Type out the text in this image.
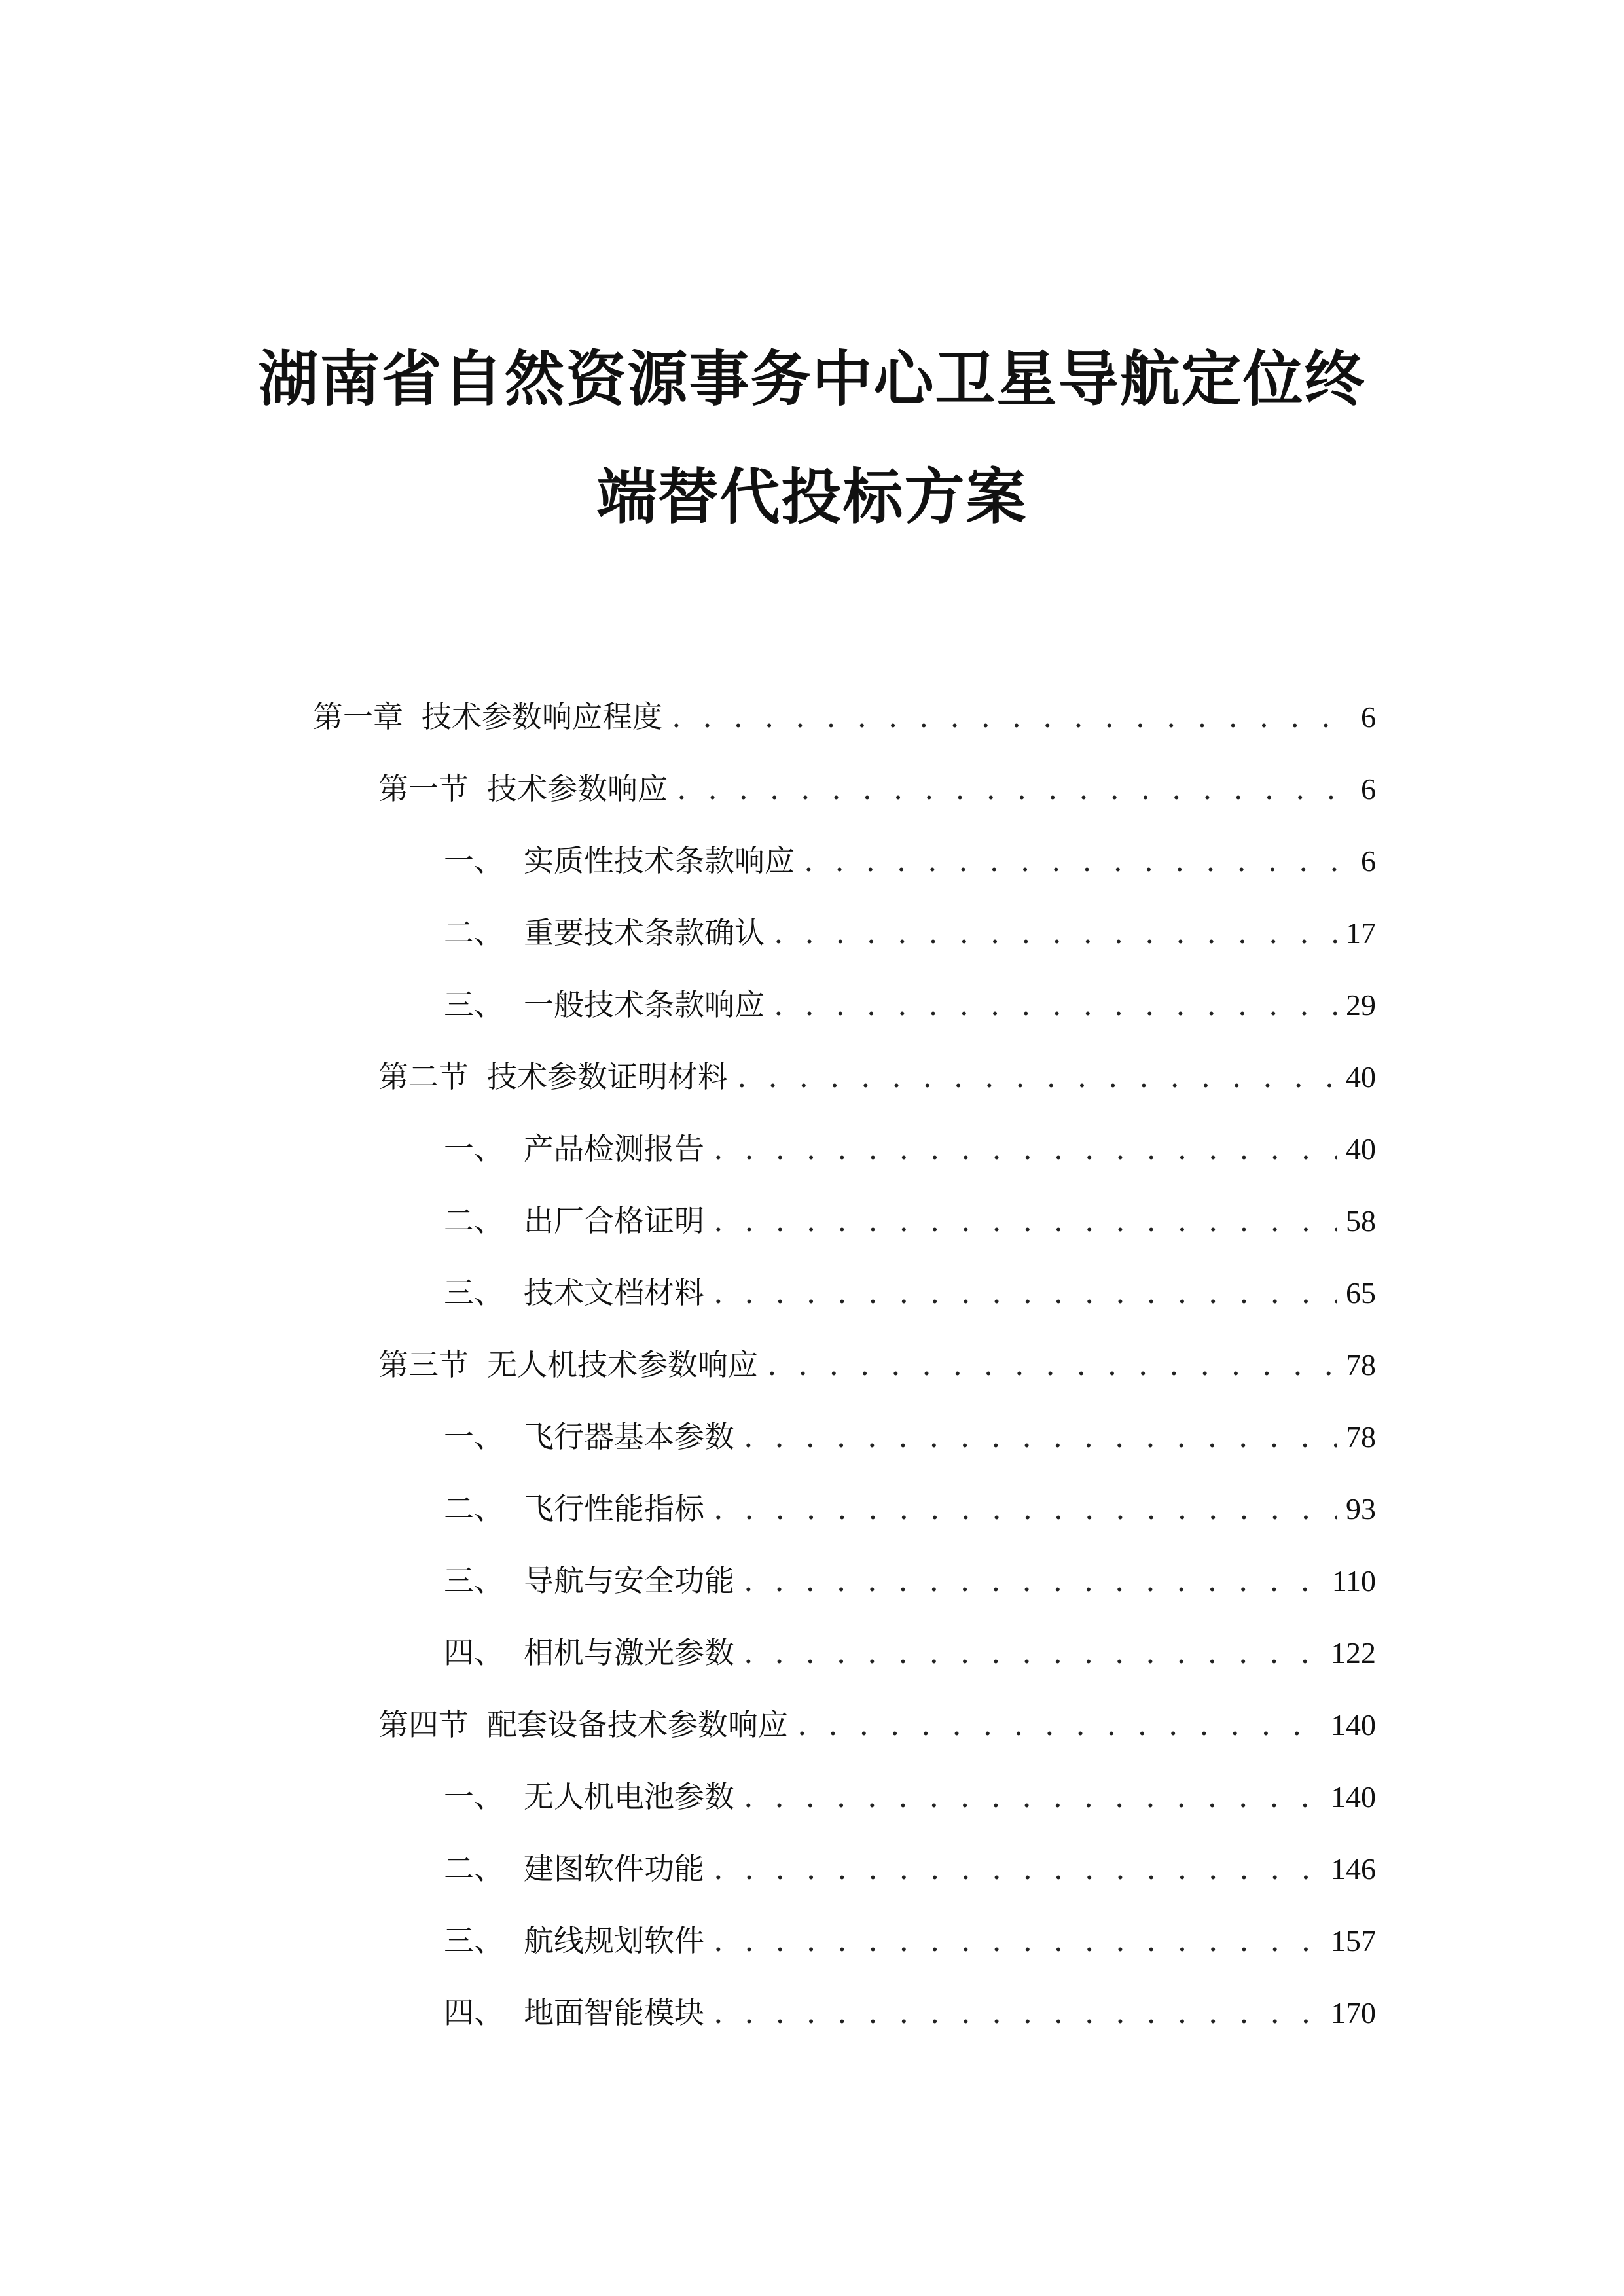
湖南省自然资源事务中心卫星导航定位终
端替代投标方案
第一章 技术参数响应程度 . . .	6
第一节 技术参数响应 . . .	6
一、 实质性技术条款响应 . . .	6
二、 重要技术条款确认 . . .	17
三、 一般技术条款响应 . . .	29
第二节 技术参数证明材料 . . .	40
一、 产品检测报告 . . .	40
二、 出厂合格证明 . . .	58
三、 技术文档材料 . . .	65
第三节 无人机技术参数响应 . . .	78
一、 飞行器基本参数 . . .	78
二、 飞行性能指标 . . .	93
三、 导航与安全功能 . . .	110
四、 相机与激光参数 . . .	122
第四节 配套设备技术参数响应 . . .	140
一、 无人机电池参数 . . .	140
二、 建图软件功能 . . .	146
三、 航线规划软件 . . .	157
四、 地面智能模块 . . .	170
